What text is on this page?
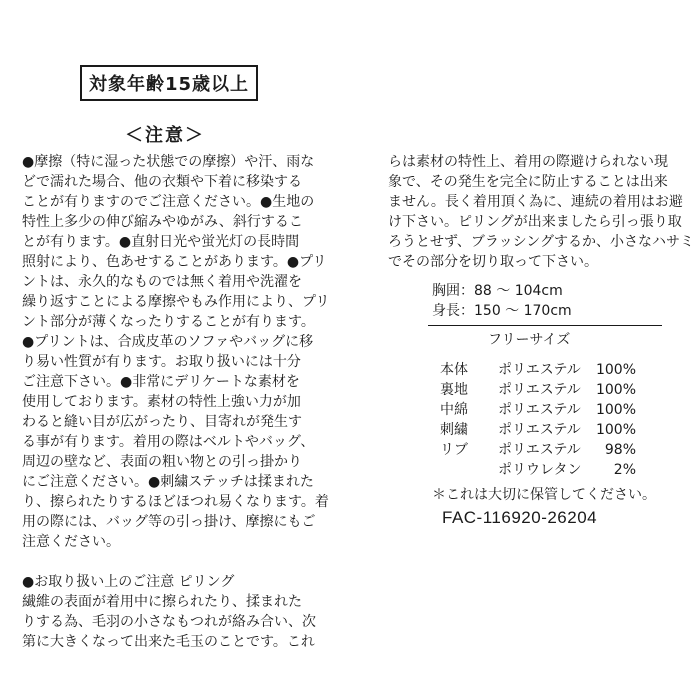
対象年齢15歳以上
＜注意＞

●摩擦（特に湿った状態での摩擦）や汗、雨な

どで濡れた場合、他の衣類や下着に移染する

ことが有りますのでご注意ください。●生地の

特性上多少の伸び縮みやゆがみ、斜行するこ

とが有ります。●直射日光や蛍光灯の長時間

照射により、色あせすることがあります。●プリ

ントは、永久的なものでは無く着用や洗濯を

繰り返すことによる摩擦やもみ作用により、プリ

ント部分が薄くなったりすることが有ります。

●プリントは、合成皮革のソファやバッグに移

り易い性質が有ります。お取り扱いには十分

ご注意下さい。●非常にデリケートな素材を

使用しております。素材の特性上強い力が加

わると縫い目が広がったり、目寄れが発生す

る事が有ります。着用の際はベルトやバッグ、

周辺の壁など、表面の粗い物との引っ掛かり

にご注意ください。●刺繍ステッチは揉まれた

り、擦られたりするほどほつれ易くなります。着

用の際には、バッグ等の引っ掛け、摩擦にもご

注意ください。

●お取り扱い上のご注意 ピリング

繊維の表面が着用中に擦られたり、揉まれた

りする為、毛羽の小さなもつれが絡み合い、次

第に大きくなって出来た毛玉のことです。これ

らは素材の特性上、着用の際避けられない現

象で、その発生を完全に防止することは出来

ません。長く着用頂く為に、連続の着用はお避

け下さい。ピリングが出来ましたら引っ張り取

ろうとせず、ブラッシングするか、小さなハサミ

でその部分を切り取って下さい。

胸囲：88 ～ 104cm
身長：150 ～ 170cm
フリーサイズ
本体 ポリエステル 100%
裏地 ポリエステル 100%
中綿 ポリエステル 100%
刺繍 ポリエステル 100%
リブ ポリエステル 98%
ポリウレタン 2%
＊これは大切に保管してください。
FAC-116920-26204
